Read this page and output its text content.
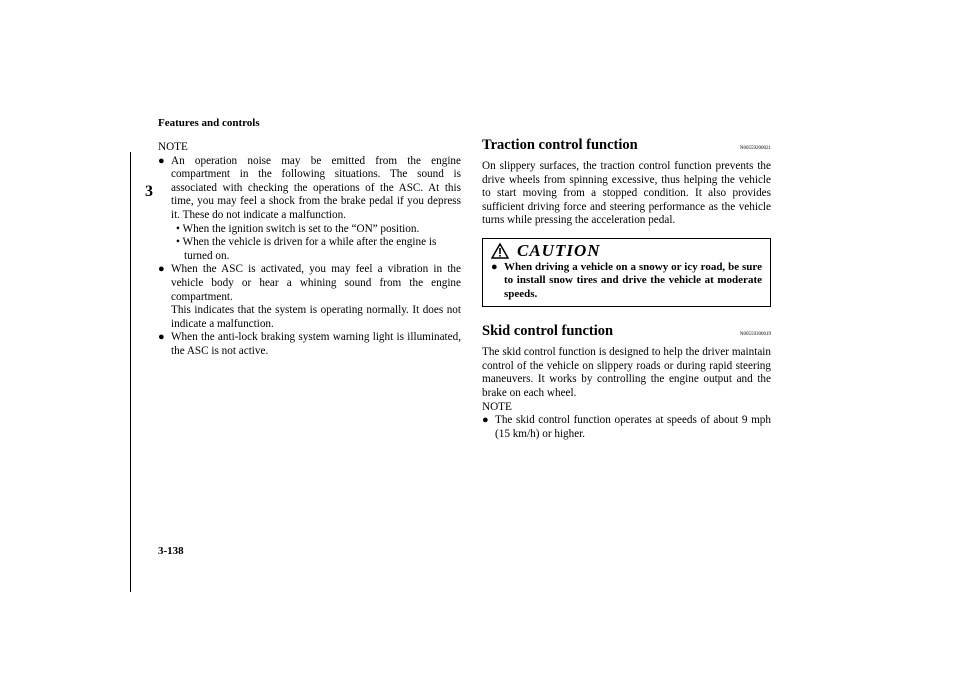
Features and controls
3
NOTE
● An operation noise may be emitted from the engine compartment in the following situations. The sound is associated with checking the operations of the ASC. At this time, you may feel a shock from the brake pedal if you depress it. These do not indicate a malfunction.
• When the ignition switch is set to the “ON” position.
• When the vehicle is driven for a while after the engine is turned on.
● When the ASC is activated, you may feel a vibration in the vehicle body or hear a whining sound from the engine compartment.
This indicates that the system is operating normally. It does not indicate a malfunction.
● When the anti-lock braking system warning light is illuminated, the ASC is not active.
Traction control function	N00559200021
On slippery surfaces, the traction control function prevents the drive wheels from spinning excessive, thus helping the vehicle to start moving from a stopped condition. It also provides sufficient driving force and steering performance as the vehicle turns while pressing the acceleration pedal.
CAUTION
● When driving a vehicle on a snowy or icy road, be sure to install snow tires and drive the vehicle at moderate speeds.
Skid control function	N00559300019
The skid control function is designed to help the driver maintain control of the vehicle on slippery roads or during rapid steering maneuvers. It works by controlling the engine output and the brake on each wheel.
NOTE
● The skid control function operates at speeds of about 9 mph (15 km/h) or higher.
3-138
